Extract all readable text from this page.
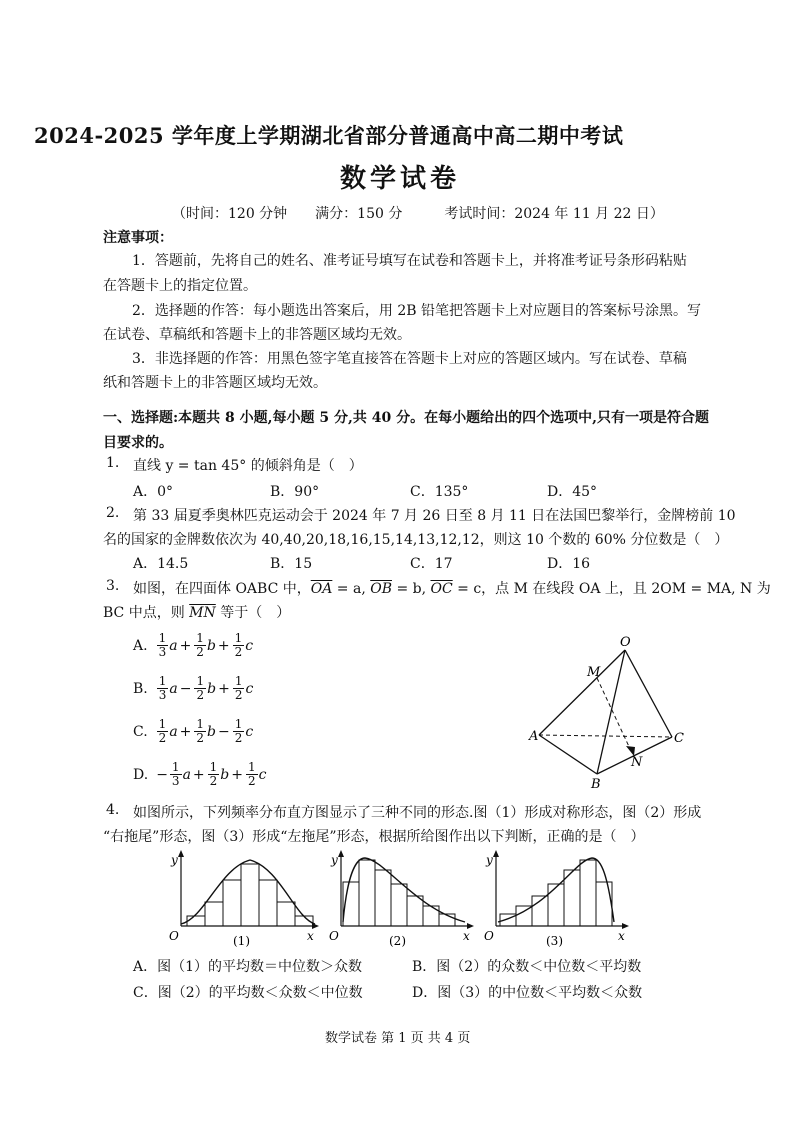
2024-2025 学年度上学期湖北省部分普通高中高二期中考试
数学试卷
（时间：120 分钟　　满分：150 分　　　考试时间：2024 年 11 月 22 日）
注意事项：
1．答题前，先将自己的姓名、准考证号填写在试卷和答题卡上，并将准考证号条形码粘贴
在答题卡上的指定位置。
2．选择题的作答：每小题选出答案后，用 2B 铅笔把答题卡上对应题目的答案标号涂黑。写
在试卷、草稿纸和答题卡上的非答题区域均无效。
3．非选择题的作答：用黑色签字笔直接答在答题卡上对应的答题区域内。写在试卷、草稿
纸和答题卡上的非答题区域均无效。
一、选择题:本题共 8 小题,每小题 5 分,共 40 分。在每小题给出的四个选项中,只有一项是符合题
目要求的。
1. 直线 y = tan 45° 的倾斜角是（　）
A．0°	B．90°	C．135°	D．45°
2. 第 33 届夏季奥林匹克运动会于 2024 年 7 月 26 日至 8 月 11 日在法国巴黎举行，金牌榜前 10
名的国家的金牌数依次为 40,40,20,18,16,15,14,13,12,12，则这 10 个数的 60% 分位数是（　）
A．14.5	B．15	C．17	D．16
3. 如图，在四面体 OABC 中，$\overline{OA} = a$, $\overline{OB} = b$, $\overline{OC} = c$，点 M 在线段 OA 上，且 2OM = MA, N 为
BC 中点，则 $\overline{MN}$ 等于（　）
A. $\frac{1}{3}$ $a + \frac{1}{2}$ $b + \frac{1}{2}$ c
B. $\frac{1}{3}$ $a - \frac{1}{2}$ $b + \frac{1}{2}$ c
C. $\frac{1}{2}$ $a + \frac{1}{2}$ $b - \frac{1}{2}$ c
D. − $\frac{1}{3}$ $a + \frac{1}{2}$ $b + \frac{1}{2}$ c
O
M
A	C
N
B
4. 如图所示，下列频率分布直方图显示了三种不同的形态.图（1）形成对称形态，图（2）形成
“右拖尾”形态，图（3）形成“左拖尾”形态，根据所给图作出以下判断，正确的是（　）
y
O	x
(1)
y
O	x
(2)
y
O	x
(3)
A．图（1）的平均数＝中位数＞众数	B．图（2）的众数＜中位数＜平均数
C．图（2）的平均数＜众数＜中位数	D．图（3）的中位数＜平均数＜众数
数学试卷 第 1 页 共 4 页
